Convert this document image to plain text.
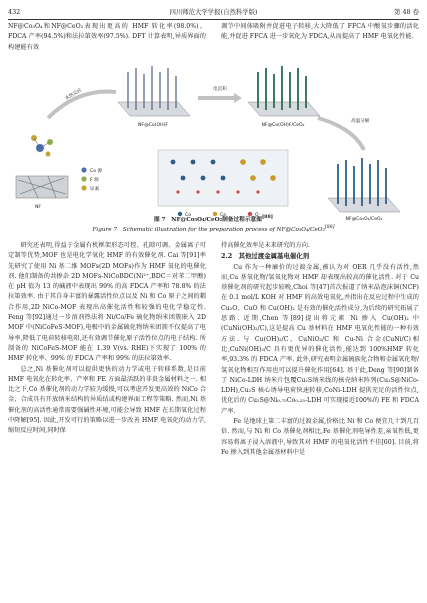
432	四川师范大学学报(自然科学版)	第 48 卷

NF@Co₃O₄和NF@CeO₂表现出更高的 HMF 转化率(98.0%)、FDCA 产率(94.5%)和法拉第效率(97.5%). DFT 计算表明,异质界面的构建能有效

调节中间体吸附并促进电子转移,大大降低了 FFCA 中酸氧步骤的活化能,并促进 FFCA 进一步氧化为 FDCA,从而提高了 HMF 电氧化性能.

NF
Co 源
F 源
尿素
水热反应
NF@Co(OH)F
电沉积
NF@Co(OH)F/CeO₂
高温分解
NF@Co₃O₄/CeO₂
Co	Ce	O
图 7　NF@Co₃O₄/CeO₂制备过程示意图[88]
Figure 7　Schematic illustration for the preparation process of NF@Co₃O₄/CeO₂[88]

研究还表明,得益于金属有机框架形态可控、孔隙可调、金属离子可定制等优势,MOF 也是电化学氧化 HMF 的有效催化剂. Cai 等[91]率先研究了使用 Ni 基二维 MOFs(2D MOFs)作为 HMF 氧化的电催化剂. 他们制备的共掺杂 2D MOFs-NiCoBDC(Ni²⁺,BDC＝对苯二甲酸)在 pH 值为 13 的碱液中表现出 99% 的高 FDCA 产率和 78.8% 的法拉第效率. 由于其自身丰富的暴露活性位点以及 Ni 和 Co 原子之间的耦合作用,2D NiCo-MOF 表现出高催化活性和较强的电化学稳定性. Feng 等[92]通过一步溶剂热法将 Ni/Co/Fe 硫化物纳米团簇嵌入 2D MOF 中(NiCoFeS-MOF),电极中的金属硫化物纳米团簇不仅提高了电导率,降低了电荷转移电阻,还有效调节催化原子活性位点的电子结构. 所制备的 NiCoFeS-MOF 能在 1.39 V(vs. RHE)下实现了 100% 的 HMF 转化率、99% 的 FDCA 产率和 99% 的法拉第效率.

总之,Ni 基催化剂可以提供更快的动力学或电子转移系数,是目前 HMF 电氧化在转化率、产率和 FE 方面最活跃的非贵金属材料之一. 相比之下,Co 基催化剂的动力学较为缓慢,可以考虑开发更高效的 NiCo 合金、合成具有开放纳米结构的异质结或构建界面工程等策略. 然而,Ni 基催化剂的高活性通常需要强碱性环境,可能会导致 HMF 在长期氧化过程中降解[95]. 因此,开发可行的策略以进一步改善 HMF 电氧化的动力学,缩短反应时间,同时保

持高催化效率是未来研究的方向.

2.2　其他过渡金属基电催化剂

Cu 作为一种廉价的过渡金属,被认为对 OER 几乎没有活性,然而,Cu 基氧化物/氢氧化物对 HMF 却表现出较高的催化活性. 对于 Cu 基催化剂的研究起步较晚,Choi 等[47]首次报道了纳米晶泡沫铜(NCF)在 0.1 mol/L KOH 对 HMF 的高效电氧化,并指出在反应过程中生成的 Cu₂O、CuO 和 Cu(OH)₂ 是有效的催化活性成分,为后续的研究拓展了思路. 近期,Chen 等[89]提出将元素 Ni 掺入 Cu(OH)₂ 中(CuNi(OH)₂/C),这是提高 Cu 基材料在 HMF 电氧化性能的一种有效方法. 与 Cu(OH)₂/C、CuNiO₂/C 和 Cu-Ni 合金(CuNi/C)相比,CuNi(OH)₂/C 具有更优异的催化活性,能达到 100%HMF 转化率,93.3% 的 FDCA 产率. 此外,研究表明金属硫族化合物和金属氧化物/氢氧化物相互作用也可以提升催化作用[64]. 基于此,Deng 等[90]制备了 NiCo-LDH 纳米片包覆Cu₂S纳米线的核壳纳米阵列(Cu₂S@NiCo-LDH),Cu₂S 核心诱导电荷快速转移,CoNi-LDH 提供充足的活性位点,优化后的 Cu₂S@Ni₀.₇₅Co₀.₂₅-LDH 可实现接近100%的 FE 和 FDCA 产率.

Fe 是地球上第二丰富的过渡金属,价格比 Ni 和 Co 便宜几十到几百倍. 然而,与 Ni 和 Co 基催化剂相比,Fe 基催化剂电导性差,亲氧性低,更容易将离子浸入溶液中,导致其对 HMF 的电氧化活性不佳[60]. 目前,将 Fe 掺入到其他金属基材料中是
